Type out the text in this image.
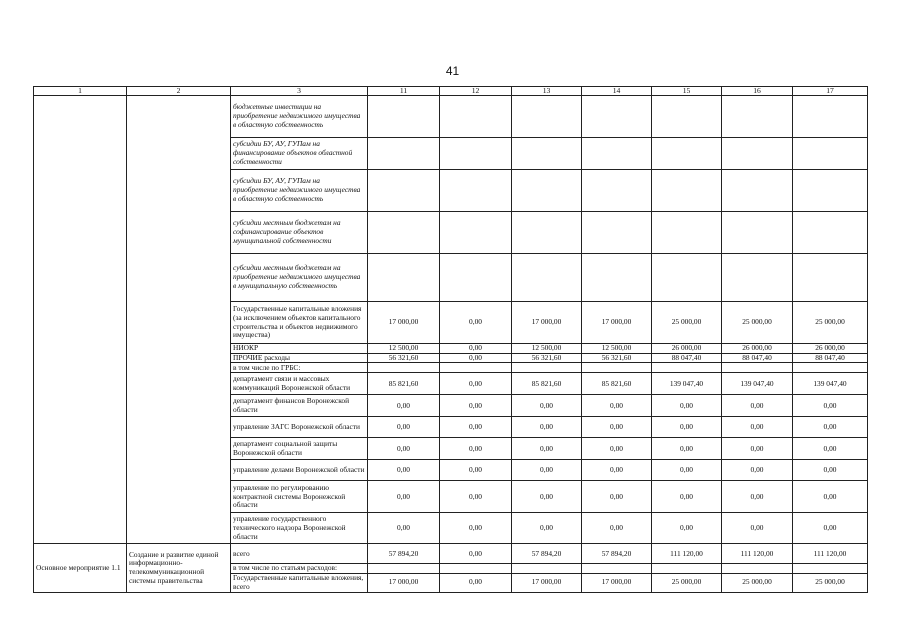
41
1	2	3	11	12	13	14	15	16	17
		бюджетные инвестиции на приобретение недвижимого имущества в областную собственность							
		субсидии БУ, АУ, ГУПам на финансирование объектов областной собственности							
		субсидии БУ, АУ, ГУПам на приобретение недвижимого имущества в областную собственность							
		субсидии местным бюджетам на софинансирование объектов муниципальной собственности							
		субсидии местным бюджетам на приобретение недвижимого имущества в муниципальную собственность							
		Государственные капитальные вложения (за исключением объектов капитального строительства и объектов недвижимого имущества)	17 000,00	0,00	17 000,00	17 000,00	25 000,00	25 000,00	25 000,00
		НИОКР	12 500,00	0,00	12 500,00	12 500,00	26 000,00	26 000,00	26 000,00
		ПРОЧИЕ расходы	56 321,60	0,00	56 321,60	56 321,60	88 047,40	88 047,40	88 047,40
		в том числе по ГРБС:							
		департамент связи и массовых коммуникаций Воронежской области	85 821,60	0,00	85 821,60	85 821,60	139 047,40	139 047,40	139 047,40
		департамент финансов Воронежской области	0,00	0,00	0,00	0,00	0,00	0,00	0,00
		управление ЗАГС Воронежской области	0,00	0,00	0,00	0,00	0,00	0,00	0,00
		департамент социальной защиты Воронежской области	0,00	0,00	0,00	0,00	0,00	0,00	0,00
		управление делами Воронежской области	0,00	0,00	0,00	0,00	0,00	0,00	0,00
		управление по регулированию контрактной системы Воронежской области	0,00	0,00	0,00	0,00	0,00	0,00	0,00
		управление государственного технического надзора Воронежской области	0,00	0,00	0,00	0,00	0,00	0,00	0,00
Основное мероприятие 1.1	Создание и развитие единой информационно-телекоммуникационной системы правительства	всего	57 894,20	0,00	57 894,20	57 894,20	111 120,00	111 120,00	111 120,00
		в том числе по статьям расходов:							
		Государственные капитальные вложения, всего	17 000,00	0,00	17 000,00	17 000,00	25 000,00	25 000,00	25 000,00
